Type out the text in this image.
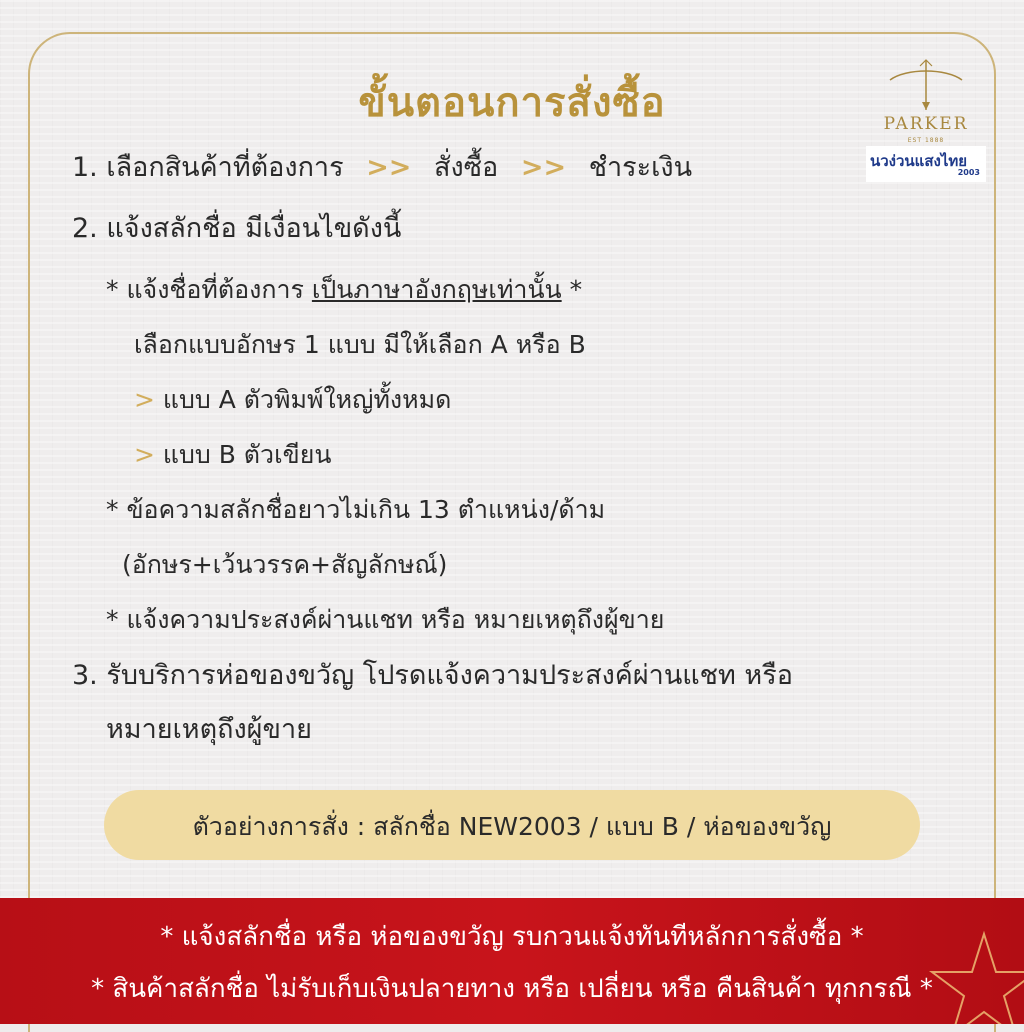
ขั้นตอนการสั่งซื้อ	PARKER
EST 1888
นวง่วนแสงไทย
2003
1. เลือกสินค้าที่ต้องการ >> สั่งซื้อ >> ชำระเงิน
2. แจ้งสลักชื่อ มีเงื่อนไขดังนี้
* แจ้งชื่อที่ต้องการ เป็นภาษาอังกฤษเท่านั้น *
เลือกแบบอักษร 1 แบบ มีให้เลือก A หรือ B
> แบบ A ตัวพิมพ์ใหญ่ทั้งหมด
> แบบ B ตัวเขียน
* ข้อความสลักชื่อยาวไม่เกิน 13 ตำแหน่ง/ด้าม
(อักษร+เว้นวรรค+สัญลักษณ์)
* แจ้งความประสงค์ผ่านแชท หรือ หมายเหตุถึงผู้ขาย
3. รับบริการห่อของขวัญ โปรดแจ้งความประสงค์ผ่านแชท หรือ
หมายเหตุถึงผู้ขาย
ตัวอย่างการสั่ง : สลักชื่อ NEW2003 / แบบ B / ห่อของขวัญ
* แจ้งสลักชื่อ หรือ ห่อของขวัญ รบกวนแจ้งทันทีหลักการสั่งซื้อ *
* สินค้าสลักชื่อ ไม่รับเก็บเงินปลายทาง หรือ เปลี่ยน หรือ คืนสินค้า ทุกกรณี *
